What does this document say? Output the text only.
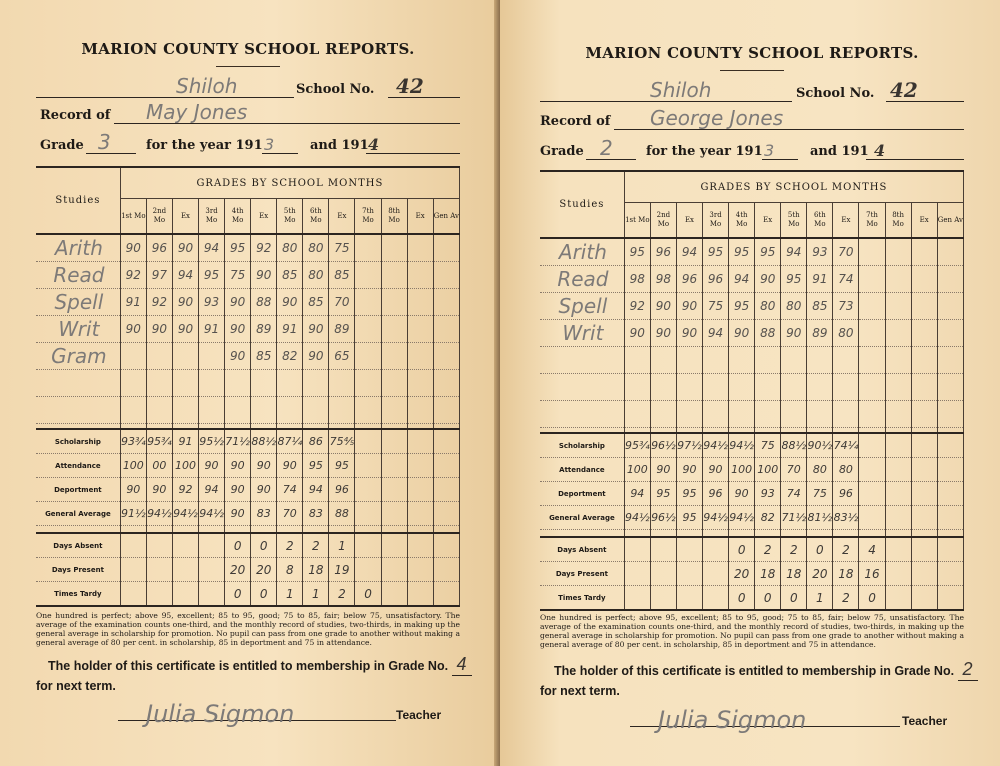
MARION COUNTY SCHOOL REPORTS.
Shiloh	School No. 42
Record of May Jones
Grade 3	for the year 191 3	and 191 4
Studies	GRADES BY SCHOOL MONTHS												
	1st Mo	2nd Mo	Ex	3rd Mo	4th Mo	Ex	5th Mo	6th Mo	Ex	7th Mo	8th Mo	Ex	Gen Av
Arith	90	96	90	94	95	92	80	80	75				
Read	92	97	94	95	75	90	85	80	85				
Spell	91	92	90	93	90	88	90	85	70				
Writ	90	90	90	91	90	89	91	90	89				
Gram					90	85	82	90	65				

Scholarship	93¾	95¾	91	95½	71½	88½	87¼	86	75⅘				
Attendance	100	00	100	90	90	90	90	95	95				
Deportment	90	90	92	94	90	90	74	94	96				
General Average	91½	94½	94½	94½	90	83	70	83	88				

Days Absent					0	0	2	2	1				
Days Present					20	20	8	18	19				
Times Tardy					0	0	1	1	2	0			
One hundred is perfect; above 95, excellent; 85 to 95, good; 75 to 85, fair; below 75, unsatisfactory. The average of the examination counts one-third, and the monthly record of studies, two-thirds, in making up the general average in scholarship for promotion. No pupil can pass from one grade to another without making a general average of 80 per cent. in scholarship, 85 in deportment and 75 in attendance.
The holder of this certificate is entitled to membership in Grade No. 4
for next term.
Julia Sigmon	Teacher
MARION COUNTY SCHOOL REPORTS.
Shiloh	School No. 42
Record of George Jones
Grade 2	for the year 191 3	and 191 4
Studies	GRADES BY SCHOOL MONTHS												
	1st Mo	2nd Mo	Ex	3rd Mo	4th Mo	Ex	5th Mo	6th Mo	Ex	7th Mo	8th Mo	Ex	Gen Av
Arith	95	96	94	95	95	95	94	93	70				
Read	98	98	96	96	94	90	95	91	74				
Spell	92	90	90	75	95	80	80	85	73				
Writ	90	90	90	94	90	88	90	89	80				

Scholarship	95¾	96½	97½	94½	94½	75	88½	90½	74¼				
Attendance	100	90	90	90	100	100	70	80	80				
Deportment	94	95	95	96	90	93	74	75	96				
General Average	94½	96½	95	94½	94½	82	71½	81½	83½				

Days Absent					0	2	2	0	2	4			
Days Present					20	18	18	20	18	16			
Times Tardy					0	0	0	1	2	0			
One hundred is perfect; above 95, excellent; 85 to 95, good; 75 to 85, fair; below 75, unsatisfactory. The average of the examination counts one-third, and the monthly record of studies, two-thirds, in making up the general average in scholarship for promotion. No pupil can pass from one grade to another without making a general average of 80 per cent. in scholarship, 85 in deportment and 75 in attendance.
The holder of this certificate is entitled to membership in Grade No. 2
for next term.
Julia Sigmon	Teacher
